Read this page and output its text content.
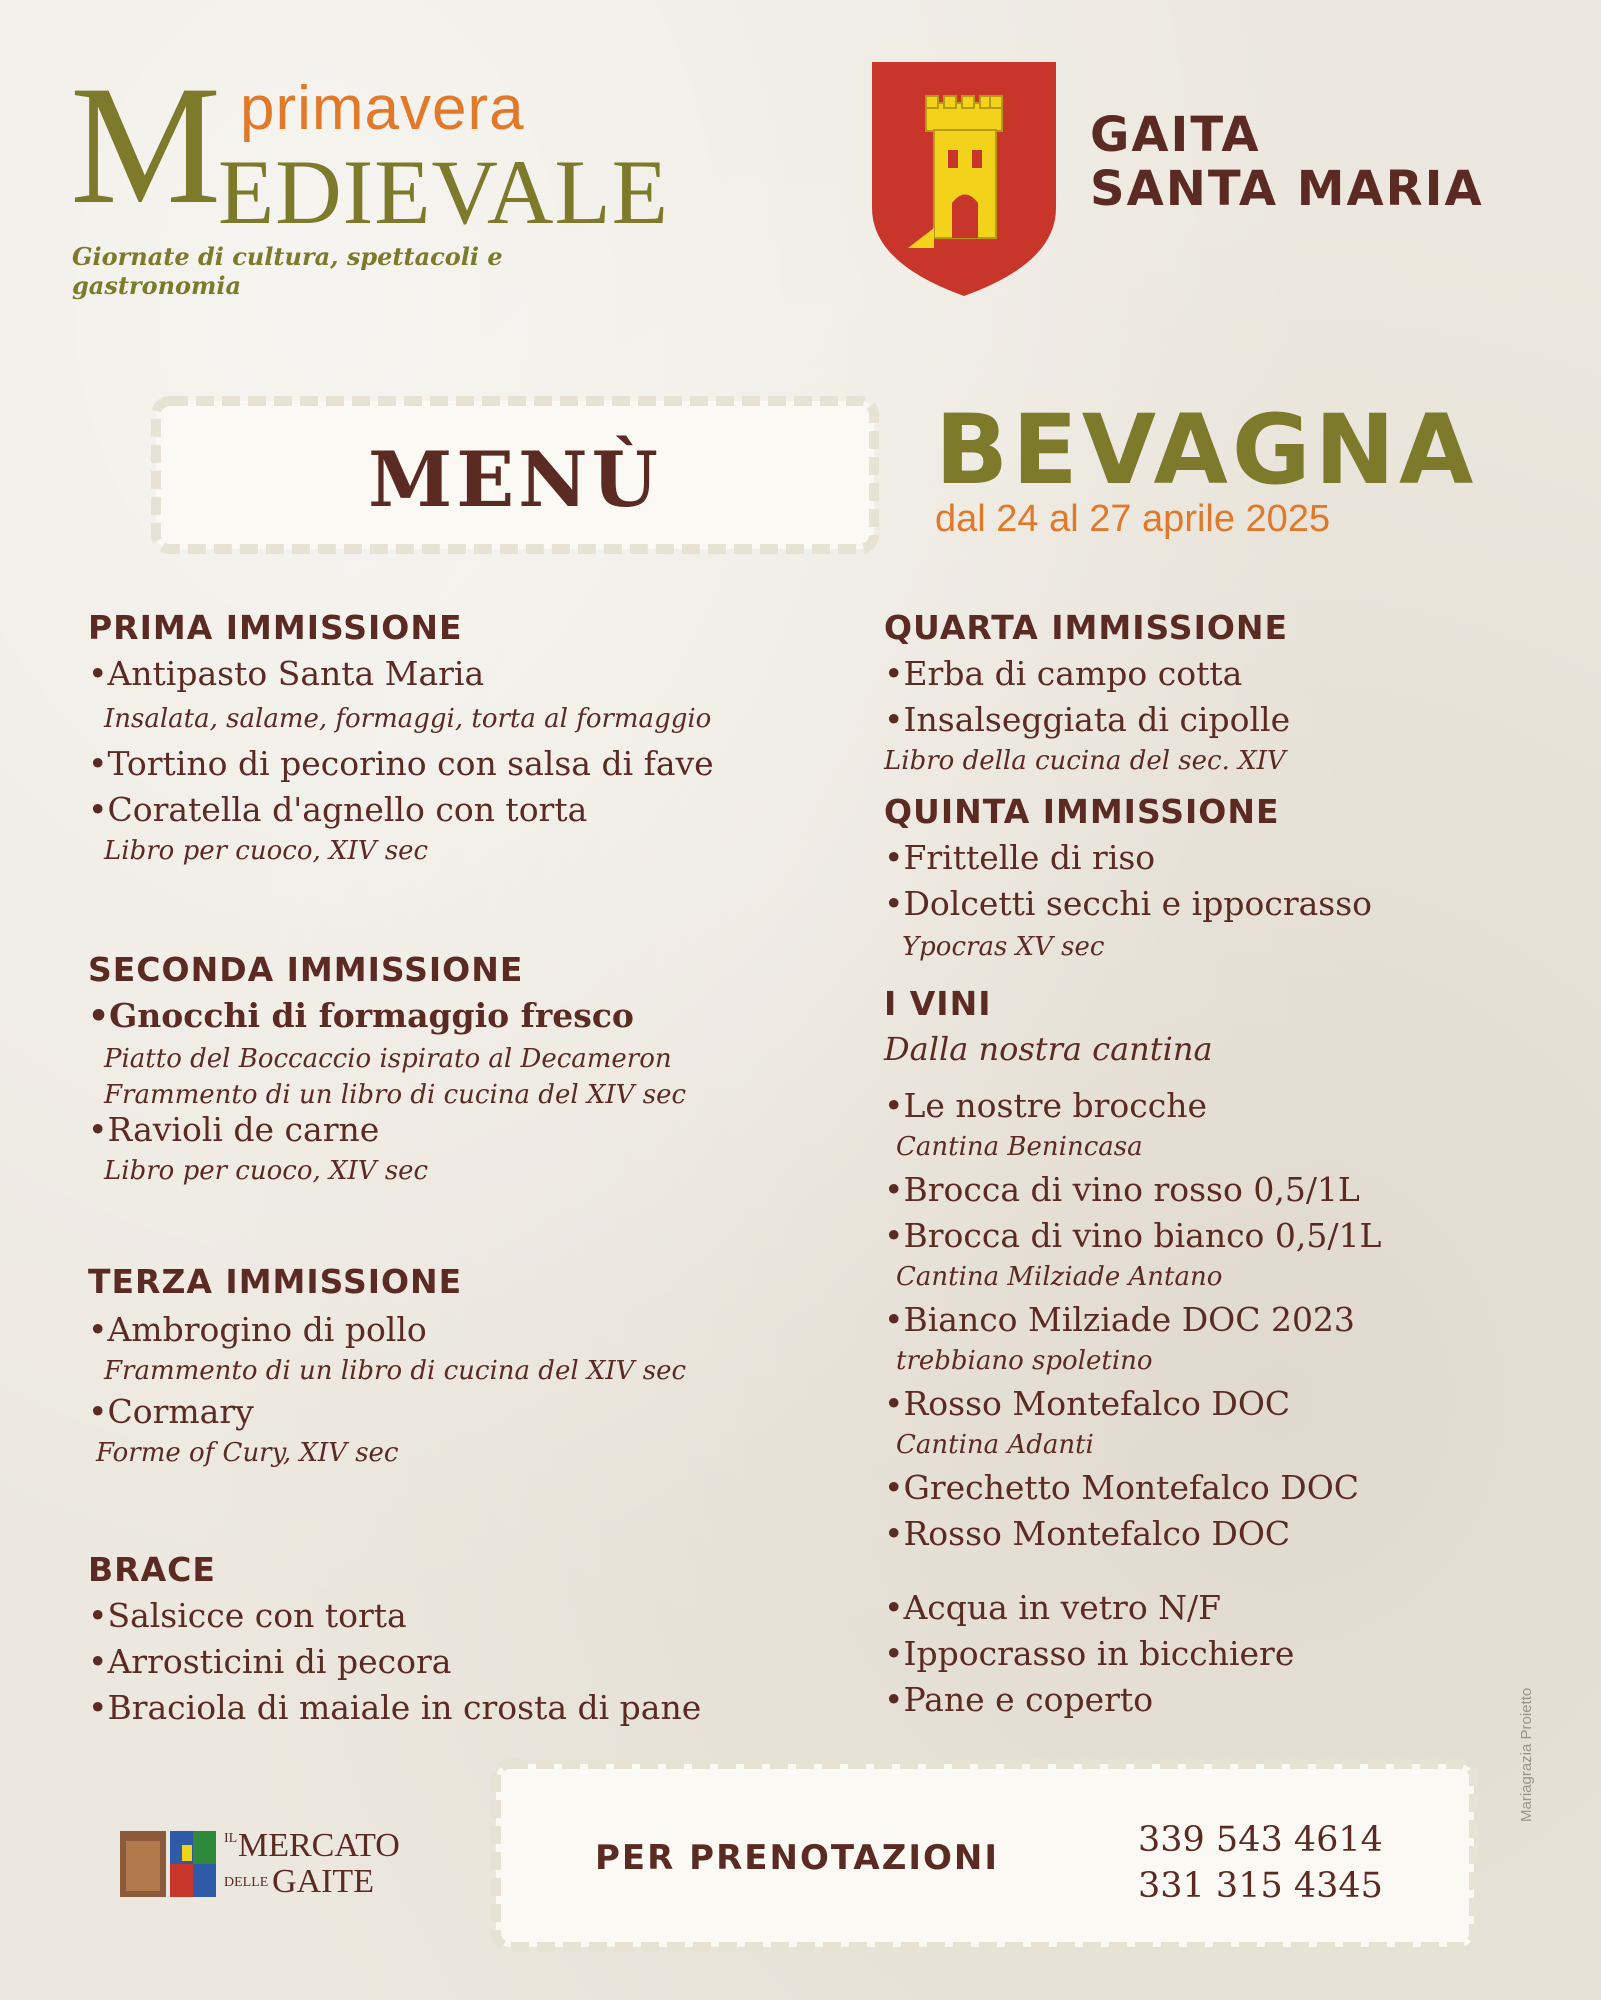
M primavera
EDIEVALE
Giornate di cultura, spettacoli e gastronomia
GAITA
SANTA MARIA
MENÙ	BEVAGNA
dal 24 al 27 aprile 2025
PRIMA IMMISSIONE
•Antipasto Santa Maria
Insalata, salame, formaggi, torta al formaggio
•Tortino di pecorino con salsa di fave
•Coratella d'agnello con torta
Libro per cuoco, XIV sec
SECONDA IMMISSIONE
•Gnocchi di formaggio fresco
Piatto del Boccaccio ispirato al Decameron
Frammento di un libro di cucina del XIV sec
•Ravioli de carne
Libro per cuoco, XIV sec
TERZA IMMISSIONE
•Ambrogino di pollo
Frammento di un libro di cucina del XIV sec
•Cormary
Forme of Cury, XIV sec
BRACE
•Salsicce con torta
•Arrosticini di pecora
•Braciola di maiale in crosta di pane
QUARTA IMMISSIONE
•Erba di campo cotta
•Insalseggiata di cipolle
Libro della cucina del sec. XIV
QUINTA IMMISSIONE
•Frittelle di riso
•Dolcetti secchi e ippocrasso
Ypocras XV sec
I VINI
Dalla nostra cantina
•Le nostre brocche
Cantina Benincasa
•Brocca di vino rosso 0,5/1L
•Brocca di vino bianco 0,5/1L
Cantina Milziade Antano
•Bianco Milziade DOC 2023
trebbiano spoletino
•Rosso Montefalco DOC
Cantina Adanti
•Grechetto Montefalco DOC
•Rosso Montefalco DOC
•Acqua in vetro N/F
•Ippocrasso in bicchiere
•Pane e coperto
IL MERCATO
DELLE GAITE
PER PRENOTAZIONI	339 543 4614
331 315 4345
Mariagrazia Proietto
